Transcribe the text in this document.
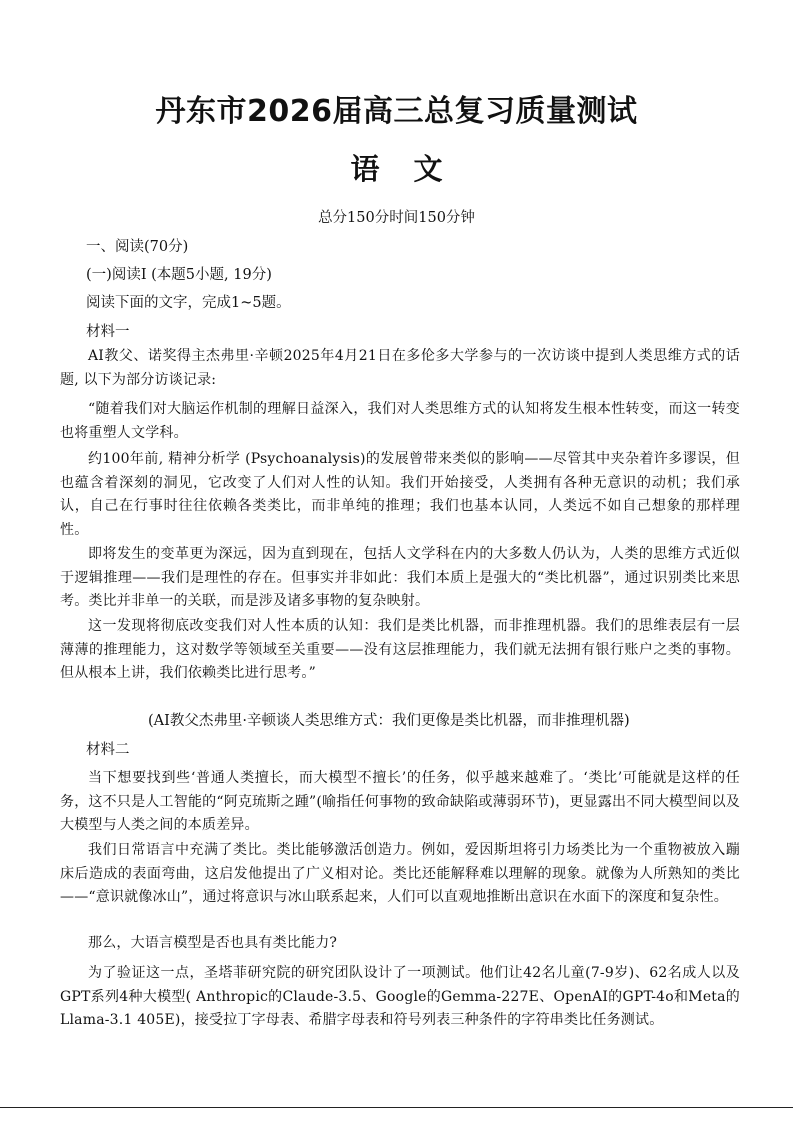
丹东市2026届高三总复习质量测试
语 文
总分150分时间150分钟
一、阅读(70分)
(一)阅读Ⅰ (本题5小题, 19分)
阅读下面的文字，完成1~5题。
材料一
AI教父、诺奖得主杰弗里·辛顿2025年4月21日在多伦多大学参与的一次访谈中提到人类思维方式的话题, 以下为部分访谈记录:
“随着我们对大脑运作机制的理解日益深入，我们对人类思维方式的认知将发生根本性转变，而这一转变也将重塑人文学科。
约100年前, 精神分析学 (Psychoanalysis)的发展曾带来类似的影响——尽管其中夹杂着许多谬误，但也蕴含着深刻的洞见，它改变了人们对人性的认知。我们开始接受，人类拥有各种无意识的动机；我们承认，自己在行事时往往依赖各类类比，而非单纯的推理；我们也基本认同，人类远不如自己想象的那样理性。
即将发生的变革更为深远，因为直到现在，包括人文学科在内的大多数人仍认为，人类的思维方式近似于逻辑推理——我们是理性的存在。但事实并非如此：我们本质上是强大的“类比机器”，通过识别类比来思考。类比并非单一的关联，而是涉及诸多事物的复杂映射。
这一发现将彻底改变我们对人性本质的认知：我们是类比机器，而非推理机器。我们的思维表层有一层薄薄的推理能力，这对数学等领域至关重要——没有这层推理能力，我们就无法拥有银行账户之类的事物。但从根本上讲，我们依赖类比进行思考。”
(AI教父杰弗里·辛顿谈人类思维方式：我们更像是类比机器，而非推理机器)
材料二
当下想要找到些‘普通人类擅长，而大模型不擅长’的任务，似乎越来越难了。‘类比’可能就是这样的任务，这不只是人工智能的“阿克琉斯之踵”(喻指任何事物的致命缺陷或薄弱环节)，更显露出不同大模型间以及大模型与人类之间的本质差异。
我们日常语言中充满了类比。类比能够激活创造力。例如，爱因斯坦将引力场类比为一个重物被放入蹦床后造成的表面弯曲，这启发他提出了广义相对论。类比还能解释难以理解的现象。就像为人所熟知的类比——“意识就像冰山”，通过将意识与冰山联系起来，人们可以直观地推断出意识在水面下的深度和复杂性。
那么，大语言模型是否也具有类比能力?
为了验证这一点，圣塔菲研究院的研究团队设计了一项测试。他们让42名儿童(7-9岁)、62名成人以及GPT系列4种大模型( Anthropic的Claude-3.5、Google的Gemma-227E、OpenAI的GPT-4o和Meta的Llama-3.1 405E)，接受拉丁字母表、希腊字母表和符号列表三种条件的字符串类比任务测试。
